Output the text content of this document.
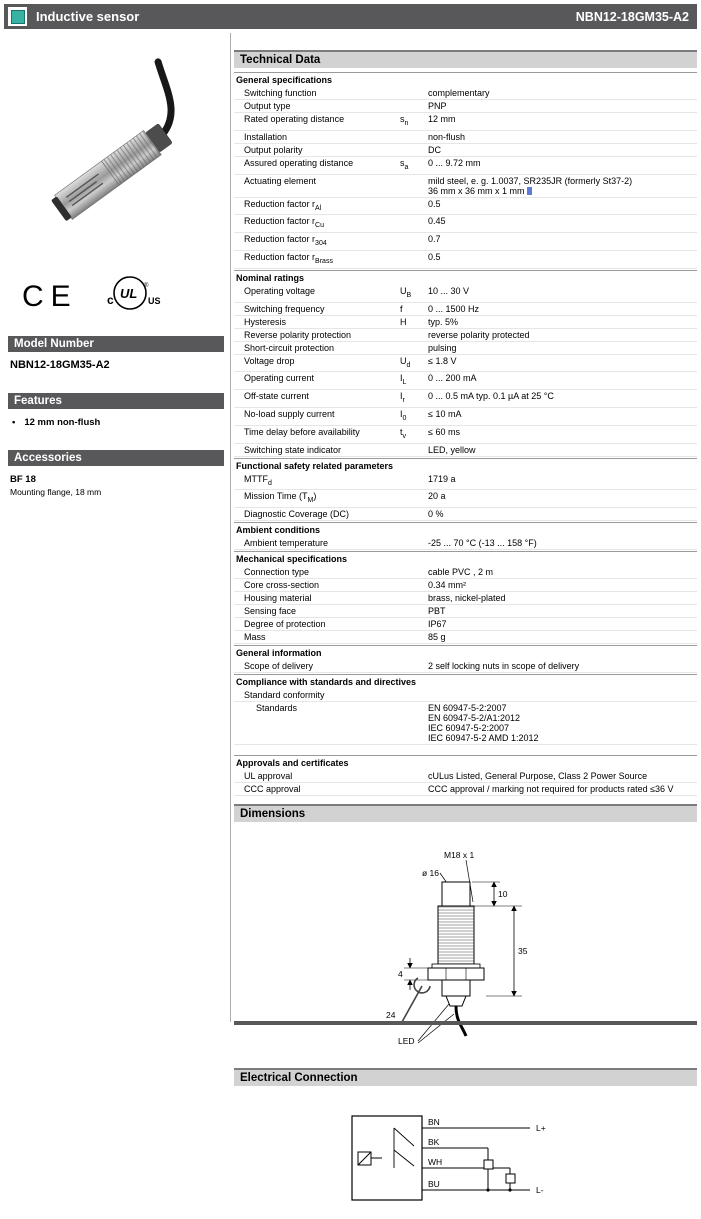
Inductive sensor	NBN12-18GM35-A2
CE c UL ®
US
Model Number
NBN12-18GM35-A2
Features
• 12 mm non-flush
Accessories
BF 18
Mounting flange, 18 mm
Technical Data
General specifications
Switching function	complementary
Output type	PNP
Rated operating distance	$s_n$	12 mm
Installation	non-flush
Output polarity	DC
Assured operating distance	$s_a$	0 ... 9.72 mm
Actuating element	mild steel, e. g. 1.0037, SR235JR (formerly St37-2)
36 mm x 36 mm x 1 mm
Reduction factor $r_{Al}$	0.5
Reduction factor $r_{Cu}$	0.45
Reduction factor $r_{304}$	0.7
Reduction factor $r_{Brass}$	0.5
Nominal ratings
Operating voltage	$U_B$	10 ... 30 V
Switching frequency	f	0 ... 1500 Hz
Hysteresis	H	typ. 5%
Reverse polarity protection	reverse polarity protected
Short-circuit protection	pulsing
Voltage drop	$U_d$	≤ 1.8 V
Operating current	$I_L$	0 ... 200 mA
Off-state current	$I_r$	0 ... 0.5 mA typ. 0.1 µA at 25 °C
No-load supply current	$I_0$	≤ 10 mA
Time delay before availability	$t_v$	≤ 60 ms
Switching state indicator	LED, yellow
Functional safety related parameters
$MTTF_d$	1719 a
Mission Time $(T_M)$	20 a
Diagnostic Coverage (DC)	0 %
Ambient conditions
Ambient temperature	-25 ... 70 °C (-13 ... 158 °F)
Mechanical specifications
Connection type	cable PVC , 2 m
Core cross-section	0.34 mm²
Housing material	brass, nickel-plated
Sensing face	PBT
Degree of protection	IP67
Mass	85 g
General information
Scope of delivery	2 self locking nuts in scope of delivery
Compliance with standards and directives
Standard conformity
Standards	EN 60947-5-2:2007
EN 60947-5-2/A1:2012
IEC 60947-5-2:2007
IEC 60947-5-2 AMD 1:2012
Approvals and certificates
UL approval	cULus Listed, General Purpose, Class 2 Power Source
CCC approval	CCC approval / marking not required for products rated ≤36 V
Dimensions
M18 x 1
ø 16
10
35
4
24
LED
Electrical Connection
BN
BK
WH
BU
L+
L-
